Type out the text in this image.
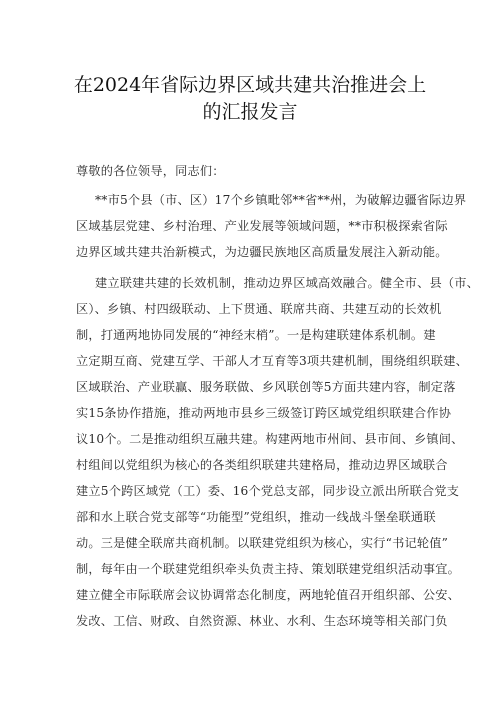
在2024年省际边界区域共建共治推进会上
的汇报发言
尊敬的各位领导，同志们：
**市5个县（市、区）17个乡镇毗邻**省**州，为破解边疆省际边界
区域基层党建、乡村治理、产业发展等领域问题，**市积极探索省际
边界区域共建共治新模式，为边疆民族地区高质量发展注入新动能。
建立联建共建的长效机制，推动边界区域高效融合。健全市、县（市、
区）、乡镇、村四级联动、上下贯通、联席共商、共建互动的长效机
制，打通两地协同发展的“神经末梢”。一是构建联建体系机制。建
立定期互商、党建互学、干部人才互育等3项共建机制，围绕组织联建、
区域联治、产业联赢、服务联做、乡风联创等5方面共建内容，制定落
实15条协作措施，推动两地市县乡三级签订跨区域党组织联建合作协
议10个。二是推动组织互融共建。构建两地市州间、县市间、乡镇间、
村组间以党组织为核心的各类组织联建共建格局，推动边界区域联合
建立5个跨区域党（工）委、16个党总支部，同步设立派出所联合党支
部和水上联合党支部等“功能型”党组织，推动一线战斗堡垒联通联
动。三是健全联席共商机制。以联建党组织为核心，实行“书记轮值”
制，每年由一个联建党组织牵头负责主持、策划联建党组织活动事宜。
建立健全市际联席会议协调常态化制度，两地轮值召开组织部、公安、
发改、工信、财政、自然资源、林业、水利、生态环境等相关部门负
